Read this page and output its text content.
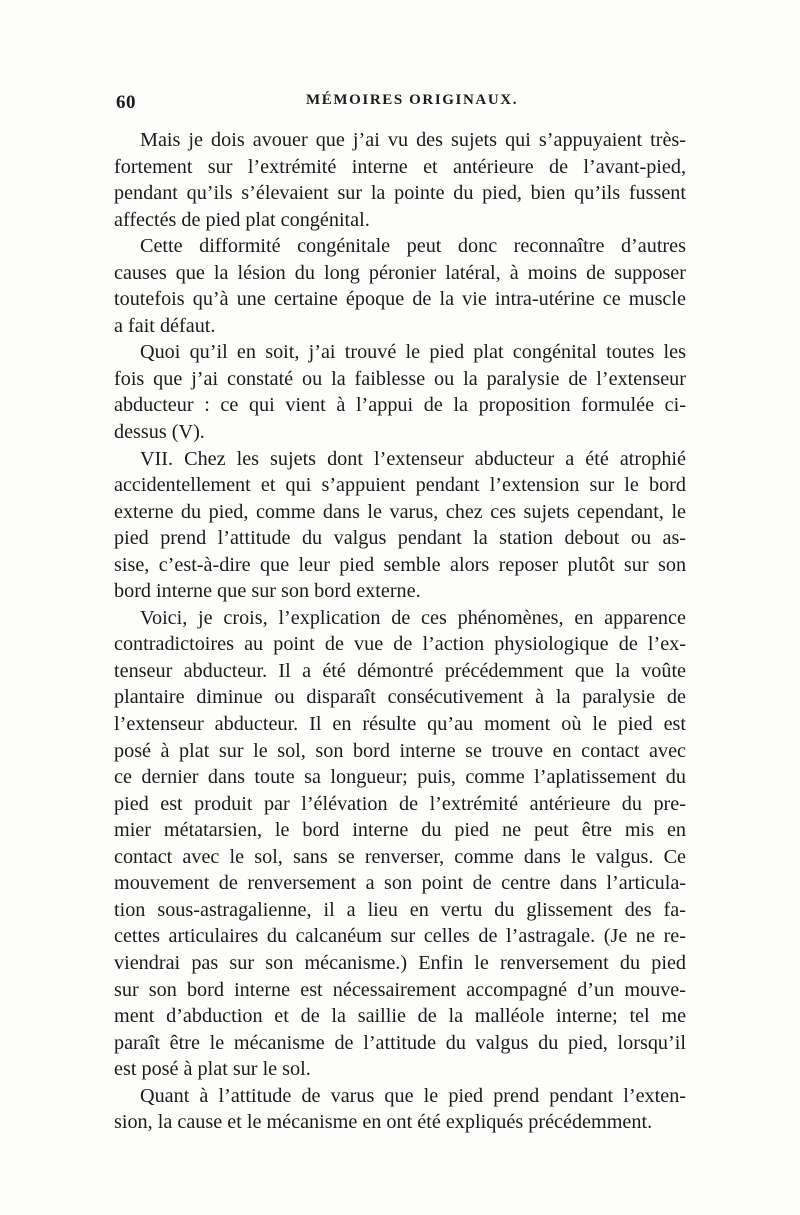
60	MÉMOIRES ORIGINAUX.
Mais je dois avouer que j’ai vu des sujets qui s’appuyaient très-
fortement sur l’extrémité interne et antérieure de l’avant-pied,
pendant qu’ils s’élevaient sur la pointe du pied, bien qu’ils fussent
affectés de pied plat congénital.
Cette difformité congénitale peut donc reconnaître d’autres
causes que la lésion du long péronier latéral, à moins de supposer
toutefois qu’à une certaine époque de la vie intra-utérine ce muscle
a fait défaut.
Quoi qu’il en soit, j’ai trouvé le pied plat congénital toutes les
fois que j’ai constaté ou la faiblesse ou la paralysie de l’extenseur
abducteur : ce qui vient à l’appui de la proposition formulée ci-
dessus (V).
VII. Chez les sujets dont l’extenseur abducteur a été atrophié
accidentellement et qui s’appuient pendant l’extension sur le bord
externe du pied, comme dans le varus, chez ces sujets cependant, le
pied prend l’attitude du valgus pendant la station debout ou as-
sise, c’est-à-dire que leur pied semble alors reposer plutôt sur son
bord interne que sur son bord externe.
Voici, je crois, l’explication de ces phénomènes, en apparence
contradictoires au point de vue de l’action physiologique de l’ex-
tenseur abducteur. Il a été démontré précédemment que la voûte
plantaire diminue ou disparaît consécutivement à la paralysie de
l’extenseur abducteur. Il en résulte qu’au moment où le pied est
posé à plat sur le sol, son bord interne se trouve en contact avec
ce dernier dans toute sa longueur; puis, comme l’aplatissement du
pied est produit par l’élévation de l’extrémité antérieure du pre-
mier métatarsien, le bord interne du pied ne peut être mis en
contact avec le sol, sans se renverser, comme dans le valgus. Ce
mouvement de renversement a son point de centre dans l’articula-
tion sous-astragalienne, il a lieu en vertu du glissement des fa-
cettes articulaires du calcanéum sur celles de l’astragale. (Je ne re-
viendrai pas sur son mécanisme.) Enfin le renversement du pied
sur son bord interne est nécessairement accompagné d’un mouve-
ment d’abduction et de la saillie de la malléole interne; tel me
paraît être le mécanisme de l’attitude du valgus du pied, lorsqu’il
est posé à plat sur le sol.
Quant à l’attitude de varus que le pied prend pendant l’exten-
sion, la cause et le mécanisme en ont été expliqués précédemment.
